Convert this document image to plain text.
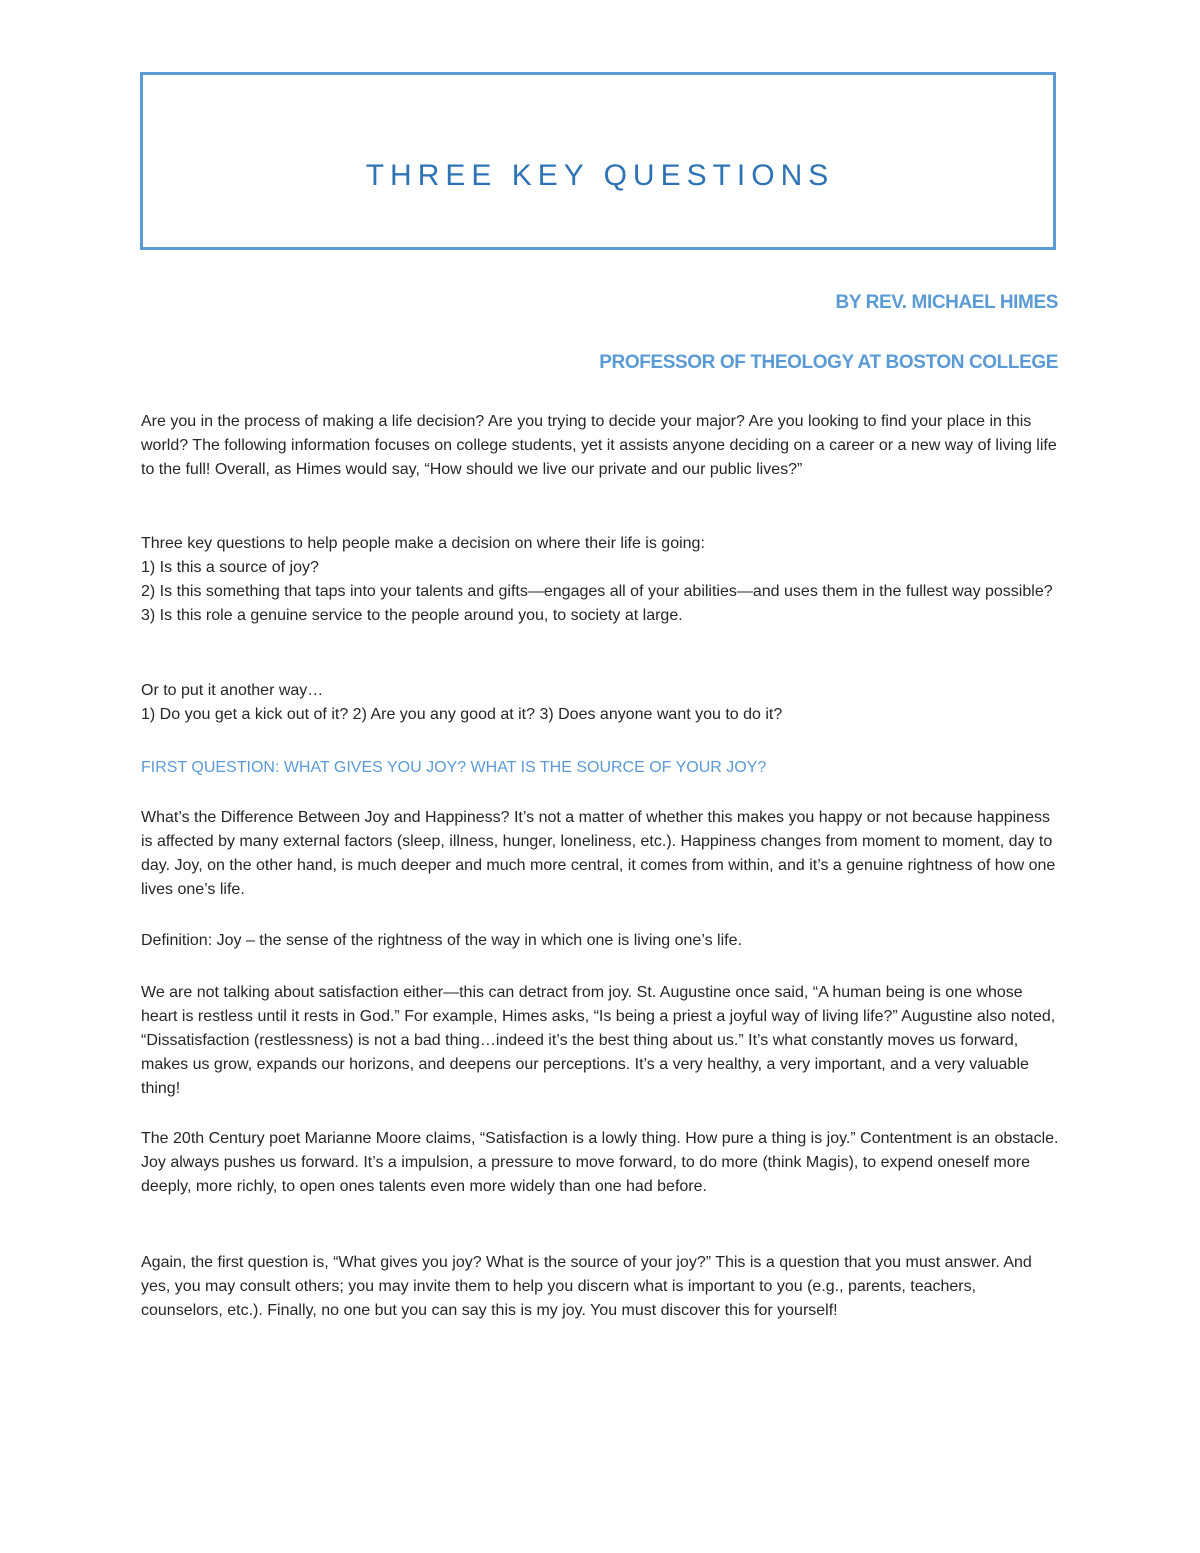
THREE KEY QUESTIONS
BY REV. MICHAEL HIMES
PROFESSOR OF THEOLOGY AT BOSTON COLLEGE

Are you in the process of making a life decision? Are you trying to decide your major? Are you looking to find your place in this world? The following information focuses on college students, yet it assists anyone deciding on a career or a new way of living life to the full! Overall, as Himes would say, “How should we live our private and our public lives?”

Three key questions to help people make a decision on where their life is going:

1) Is this a source of joy?

2) Is this something that taps into your talents and gifts—engages all of your abilities—and uses them in the fullest way possible?

3) Is this role a genuine service to the people around you, to society at large.

Or to put it another way…

1) Do you get a kick out of it? 2) Are you any good at it? 3) Does anyone want you to do it?

FIRST QUESTION: WHAT GIVES YOU JOY? WHAT IS THE SOURCE OF YOUR JOY?

What’s the Difference Between Joy and Happiness? It’s not a matter of whether this makes you happy or not because happiness is affected by many external factors (sleep, illness, hunger, loneliness, etc.). Happiness changes from moment to moment, day to day. Joy, on the other hand, is much deeper and much more central, it comes from within, and it’s a genuine rightness of how one lives one’s life.

Definition: Joy – the sense of the rightness of the way in which one is living one’s life.

We are not talking about satisfaction either—this can detract from joy. St. Augustine once said, “A human being is one whose heart is restless until it rests in God.” For example, Himes asks, “Is being a priest a joyful way of living life?” Augustine also noted, “Dissatisfaction (restlessness) is not a bad thing…indeed it’s the best thing about us.” It’s what constantly moves us forward, makes us grow, expands our horizons, and deepens our perceptions. It’s a very healthy, a very important, and a very valuable thing!

The 20th Century poet Marianne Moore claims, “Satisfaction is a lowly thing. How pure a thing is joy.” Contentment is an obstacle. Joy always pushes us forward. It’s a impulsion, a pressure to move forward, to do more (think Magis), to expend oneself more deeply, more richly, to open ones talents even more widely than one had before.

Again, the first question is, “What gives you joy? What is the source of your joy?” This is a question that you must answer. And yes, you may consult others; you may invite them to help you discern what is important to you (e.g., parents, teachers, counselors, etc.). Finally, no one but you can say this is my joy. You must discover this for yourself!
